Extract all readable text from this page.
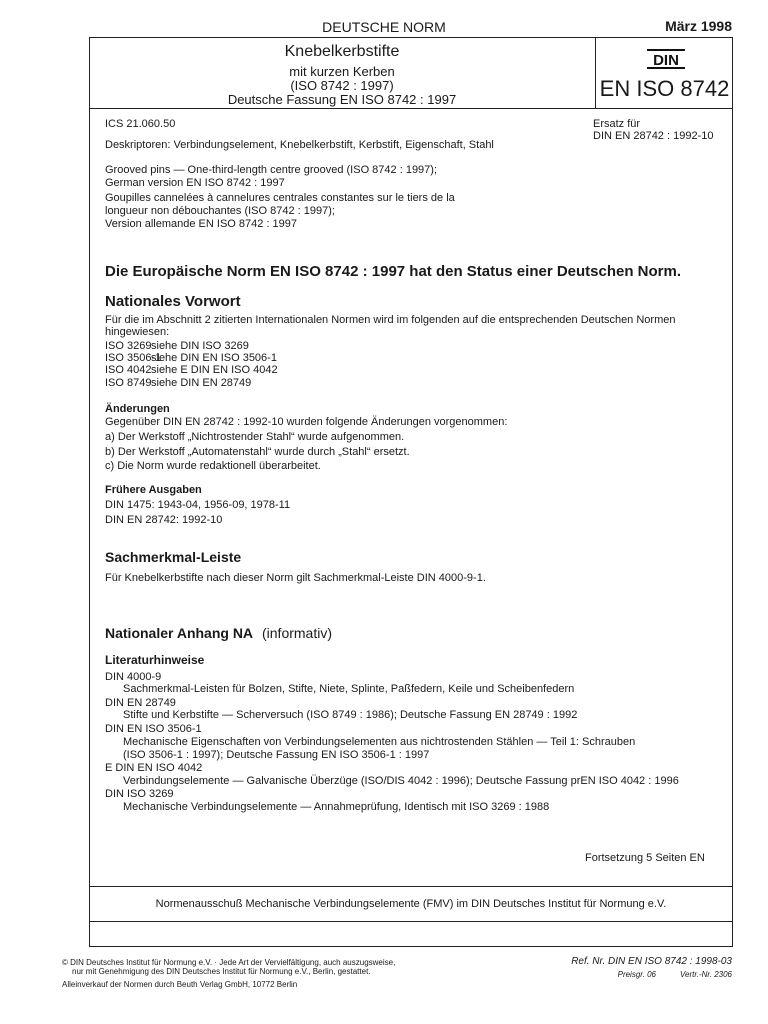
DEUTSCHE NORM	März 1998
Knebelkerbstifte
mit kurzen Kerben
(ISO 8742 : 1997)
Deutsche Fassung EN ISO 8742 : 1997
DIN
EN ISO 8742
ICS 21.060.50	Ersatz für
DIN EN 28742 : 1992-10
Deskriptoren: Verbindungselement, Knebelkerbstift, Kerbstift, Eigenschaft, Stahl
Grooved pins — One-third-length centre grooved (ISO 8742 : 1997);
German version EN ISO 8742 : 1997
Goupilles cannelées à cannelures centrales constantes sur le tiers de la
longueur non débouchantes (ISO 8742 : 1997);
Version allemande EN ISO 8742 : 1997
Die Europäische Norm EN ISO 8742 : 1997 hat den Status einer Deutschen Norm.
Nationales Vorwort
Für die im Abschnitt 2 zitierten Internationalen Normen wird im folgenden auf die entsprechenden Deutschen Normen
hingewiesen:
ISO 3269 siehe DIN ISO 3269
ISO 3506-1
siehe DIN EN ISO 3506-1
ISO 4042 siehe E DIN EN ISO 4042
ISO 8749 siehe DIN EN 28749
Änderungen
Gegenüber DIN EN 28742 : 1992-10 wurden folgende Änderungen vorgenommen:
a) Der Werkstoff „Nichtrostender Stahl“ wurde aufgenommen.
b) Der Werkstoff „Automatenstahl“ wurde durch „Stahl“ ersetzt.
c) Die Norm wurde redaktionell überarbeitet.
Frühere Ausgaben
DIN 1475: 1943-04, 1956-09, 1978-11
DIN EN 28742: 1992-10
Sachmerkmal-Leiste
Für Knebelkerbstifte nach dieser Norm gilt Sachmerkmal-Leiste DIN 4000-9-1.
Nationaler Anhang NA (informativ)
Literaturhinweise
DIN 4000-9
Sachmerkmal-Leisten für Bolzen, Stifte, Niete, Splinte, Paßfedern, Keile und Scheibenfedern
DIN EN 28749
Stifte und Kerbstifte — Scherversuch (ISO 8749 : 1986); Deutsche Fassung EN 28749 : 1992
DIN EN ISO 3506-1
Mechanische Eigenschaften von Verbindungselementen aus nichtrostenden Stählen — Teil 1: Schrauben
(ISO 3506-1 : 1997); Deutsche Fassung EN ISO 3506-1 : 1997
E DIN EN ISO 4042
Verbindungselemente — Galvanische Überzüge (ISO/DIS 4042 : 1996); Deutsche Fassung prEN ISO 4042 : 1996
DIN ISO 3269
Mechanische Verbindungselemente — Annahmeprüfung, Identisch mit ISO 3269 : 1988
Fortsetzung 5 Seiten EN
Normenausschuß Mechanische Verbindungselemente (FMV) im DIN Deutsches Institut für Normung e.V.
© DIN Deutsches Institut für Normung e.V. · Jede Art der Vervielfältigung, auch auszugsweise,
nur mit Genehmigung des DIN Deutsches Institut für Normung e.V., Berlin, gestattet.
Alleinverkauf der Normen durch Beuth Verlag GmbH, 10772 Berlin
Ref. Nr. DIN EN ISO 8742 : 1998-03
Preisgr. 06	Vertr.-Nr. 2306
